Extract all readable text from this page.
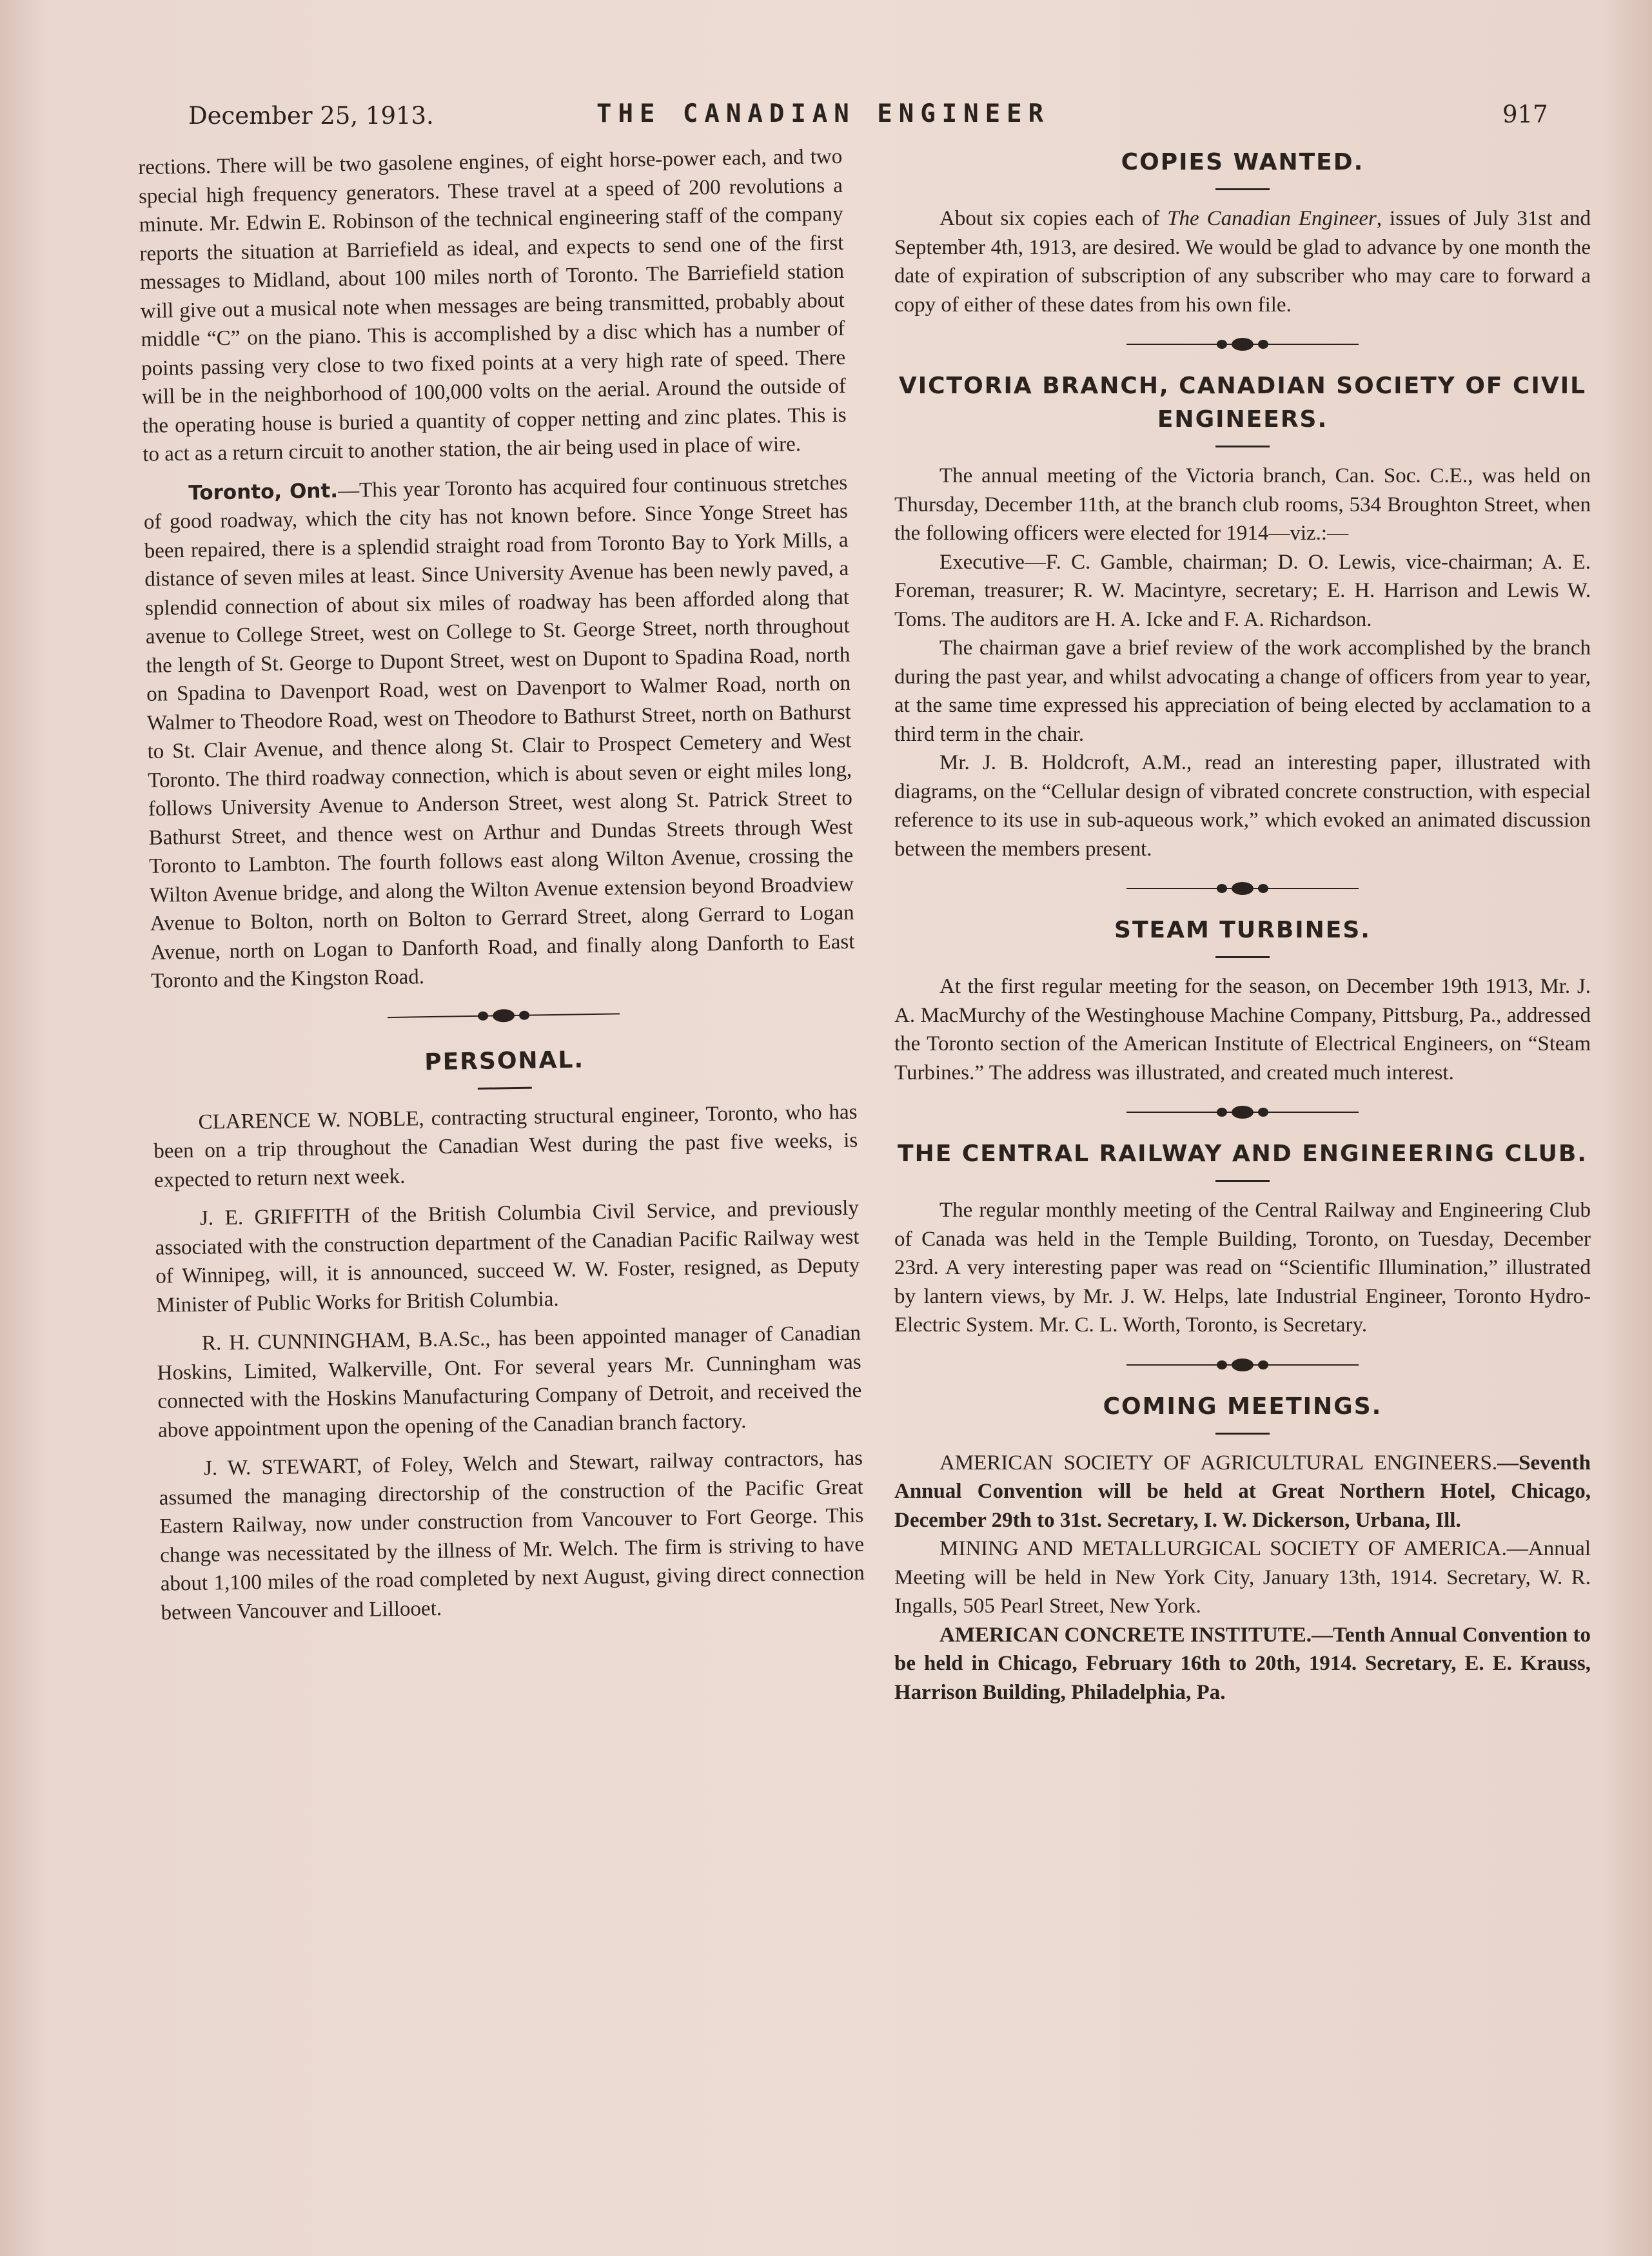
December 25, 1913.	THE CANADIAN ENGINEER	917

rections. There will be two gasolene engines, of eight horse-power each, and two special high frequency generators. These travel at a speed of 200 revolutions a minute. Mr. Edwin E. Robinson of the technical engineering staff of the company reports the situation at Barriefield as ideal, and expects to send one of the first messages to Midland, about 100 miles north of Toronto. The Barriefield station will give out a musical note when messages are being transmitted, probably about middle “C” on the piano. This is accomplished by a disc which has a number of points passing very close to two fixed points at a very high rate of speed. There will be in the neighborhood of 100,000 volts on the aerial. Around the outside of the operating house is buried a quantity of copper netting and zinc plates. This is to act as a return circuit to another station, the air being used in place of wire.

Toronto, Ont.—This year Toronto has acquired four continuous stretches of good roadway, which the city has not known before. Since Yonge Street has been repaired, there is a splendid straight road from Toronto Bay to York Mills, a distance of seven miles at least. Since University Avenue has been newly paved, a splendid connection of about six miles of roadway has been afforded along that avenue to College Street, west on College to St. George Street, north throughout the length of St. George to Dupont Street, west on Dupont to Spadina Road, north on Spadina to Davenport Road, west on Davenport to Walmer Road, north on Walmer to Theodore Road, west on Theodore to Bathurst Street, north on Bathurst to St. Clair Avenue, and thence along St. Clair to Prospect Cemetery and West Toronto. The third roadway connection, which is about seven or eight miles long, follows University Avenue to Anderson Street, west along St. Patrick Street to Bathurst Street, and thence west on Arthur and Dundas Streets through West Toronto to Lambton. The fourth follows east along Wilton Avenue, crossing the Wilton Avenue bridge, and along the Wilton Avenue extension beyond Broadview Avenue to Bolton, north on Bolton to Gerrard Street, along Gerrard to Logan Avenue, north on Logan to Danforth Road, and finally along Danforth to East Toronto and the Kingston Road.

PERSONAL.

CLARENCE W. NOBLE, contracting structural engineer, Toronto, who has been on a trip throughout the Canadian West during the past five weeks, is expected to return next week.

J. E. GRIFFITH of the British Columbia Civil Service, and previously associated with the construction department of the Canadian Pacific Railway west of Winnipeg, will, it is announced, succeed W. W. Foster, resigned, as Deputy Minister of Public Works for British Columbia.

R. H. CUNNINGHAM, B.A.Sc., has been appointed manager of Canadian Hoskins, Limited, Walkerville, Ont. For several years Mr. Cunningham was connected with the Hoskins Manufacturing Company of Detroit, and received the above appointment upon the opening of the Canadian branch factory.

J. W. STEWART, of Foley, Welch and Stewart, railway contractors, has assumed the managing directorship of the construction of the Pacific Great Eastern Railway, now under construction from Vancouver to Fort George. This change was necessitated by the illness of Mr. Welch. The firm is striving to have about 1,100 miles of the road completed by next August, giving direct connection between Vancouver and Lillooet.

COPIES WANTED.

About six copies each of The Canadian Engineer, issues of July 31st and September 4th, 1913, are desired. We would be glad to advance by one month the date of expiration of subscription of any subscriber who may care to forward a copy of either of these dates from his own file.

VICTORIA BRANCH, CANADIAN SOCIETY OF CIVIL ENGINEERS.

The annual meeting of the Victoria branch, Can. Soc. C.E., was held on Thursday, December 11th, at the branch club rooms, 534 Broughton Street, when the following officers were elected for 1914—viz.:—

Executive—F. C. Gamble, chairman; D. O. Lewis, vice-chairman; A. E. Foreman, treasurer; R. W. Macintyre, secretary; E. H. Harrison and Lewis W. Toms. The auditors are H. A. Icke and F. A. Richardson.

The chairman gave a brief review of the work accomplished by the branch during the past year, and whilst advocating a change of officers from year to year, at the same time expressed his appreciation of being elected by acclamation to a third term in the chair.

Mr. J. B. Holdcroft, A.M., read an interesting paper, illustrated with diagrams, on the “Cellular design of vibrated concrete construction, with especial reference to its use in sub-aqueous work,” which evoked an animated discussion between the members present.

STEAM TURBINES.

At the first regular meeting for the season, on December 19th 1913, Mr. J. A. MacMurchy of the Westinghouse Machine Company, Pittsburg, Pa., addressed the Toronto section of the American Institute of Electrical Engineers, on “Steam Turbines.” The address was illustrated, and created much interest.

THE CENTRAL RAILWAY AND ENGINEERING CLUB.

The regular monthly meeting of the Central Railway and Engineering Club of Canada was held in the Temple Building, Toronto, on Tuesday, December 23rd. A very interesting paper was read on “Scientific Illumination,” illustrated by lantern views, by Mr. J. W. Helps, late Industrial Engineer, Toronto Hydro-Electric System. Mr. C. L. Worth, Toronto, is Secretary.

COMING MEETINGS.

AMERICAN SOCIETY OF AGRICULTURAL ENGINEERS.—Seventh Annual Convention will be held at Great Northern Hotel, Chicago, December 29th to 31st. Secretary, I. W. Dickerson, Urbana, Ill.

MINING AND METALLURGICAL SOCIETY OF AMERICA.—Annual Meeting will be held in New York City, January 13th, 1914. Secretary, W. R. Ingalls, 505 Pearl Street, New York.

AMERICAN CONCRETE INSTITUTE.—Tenth Annual Convention to be held in Chicago, February 16th to 20th, 1914. Secretary, E. E. Krauss, Harrison Building, Philadelphia, Pa.
